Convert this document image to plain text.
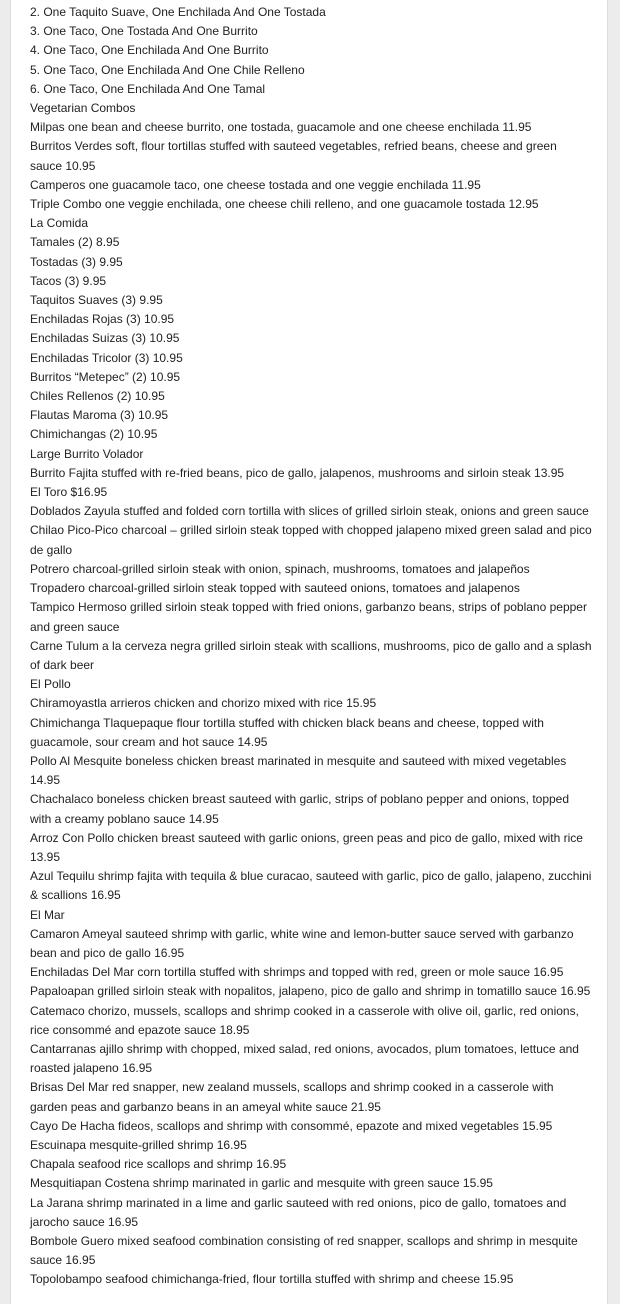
2. One Taquito Suave, One Enchilada And One Tostada
3. One Taco, One Tostada And One Burrito
4. One Taco, One Enchilada And One Burrito
5. One Taco, One Enchilada And One Chile Relleno
6. One Taco, One Enchilada And One Tamal
Vegetarian Combos
Milpas one bean and cheese burrito, one tostada, guacamole and one cheese enchilada 11.95
Burritos Verdes soft, flour tortillas stuffed with sauteed vegetables, refried beans, cheese and green sauce 10.95
Camperos one guacamole taco, one cheese tostada and one veggie enchilada 11.95
Triple Combo one veggie enchilada, one cheese chili relleno, and one guacamole tostada 12.95
La Comida
Tamales (2) 8.95
Tostadas (3) 9.95
Tacos (3) 9.95
Taquitos Suaves (3) 9.95
Enchiladas Rojas (3) 10.95
Enchiladas Suizas (3) 10.95
Enchiladas Tricolor (3) 10.95
Burritos “Metepec” (2) 10.95
Chiles Rellenos (2) 10.95
Flautas Maroma (3) 10.95
Chimichangas (2) 10.95
Large Burrito Volador
Burrito Fajita stuffed with re-fried beans, pico de gallo, jalapenos, mushrooms and sirloin steak 13.95
El Toro $16.95
Doblados Zayula stuffed and folded corn tortilla with slices of grilled sirloin steak, onions and green sauce
Chilao Pico-Pico charcoal – grilled sirloin steak topped with chopped jalapeno mixed green salad and pico de gallo
Potrero charcoal-grilled sirloin steak with onion, spinach, mushrooms, tomatoes and jalapeños
Tropadero charcoal-grilled sirloin steak topped with sauteed onions, tomatoes and jalapenos
Tampico Hermoso grilled sirloin steak topped with fried onions, garbanzo beans, strips of poblano pepper and green sauce
Carne Tulum a la cerveza negra grilled sirloin steak with scallions, mushrooms, pico de gallo and a splash of dark beer
El Pollo
Chiramoyastla arrieros chicken and chorizo mixed with rice 15.95
Chimichanga Tlaquepaque flour tortilla stuffed with chicken black beans and cheese, topped with guacamole, sour cream and hot sauce 14.95
Pollo Al Mesquite boneless chicken breast marinated in mesquite and sauteed with mixed vegetables 14.95
Chachalaco boneless chicken breast sauteed with garlic, strips of poblano pepper and onions, topped with a creamy poblano sauce 14.95
Arroz Con Pollo chicken breast sauteed with garlic onions, green peas and pico de gallo, mixed with rice 13.95
Azul Tequilu shrimp fajita with tequila & blue curacao, sauteed with garlic, pico de gallo, jalapeno, zucchini & scallions 16.95
El Mar
Camaron Ameyal sauteed shrimp with garlic, white wine and lemon-butter sauce served with garbanzo bean and pico de gallo 16.95
Enchiladas Del Mar corn tortilla stuffed with shrimps and topped with red, green or mole sauce 16.95
Papaloapan grilled sirloin steak with nopalitos, jalapeno, pico de gallo and shrimp in tomatillo sauce 16.95
Catemaco chorizo, mussels, scallops and shrimp cooked in a casserole with olive oil, garlic, red onions, rice consommé and epazote sauce 18.95
Cantarranas ajillo shrimp with chopped, mixed salad, red onions, avocados, plum tomatoes, lettuce and roasted jalapeno 16.95
Brisas Del Mar red snapper, new zealand mussels, scallops and shrimp cooked in a casserole with garden peas and garbanzo beans in an ameyal white sauce 21.95
Cayo De Hacha fideos, scallops and shrimp with consommé, epazote and mixed vegetables 15.95
Escuinapa mesquite-grilled shrimp 16.95
Chapala seafood rice scallops and shrimp 16.95
Mesquitiapan Costena shrimp marinated in garlic and mesquite with green sauce 15.95
La Jarana shrimp marinated in a lime and garlic sauteed with red onions, pico de gallo, tomatoes and jarocho sauce 16.95
Bombole Guero mixed seafood combination consisting of red snapper, scallops and shrimp in mesquite sauce 16.95
Topolobampo seafood chimichanga-fried, flour tortilla stuffed with shrimp and cheese 15.95
